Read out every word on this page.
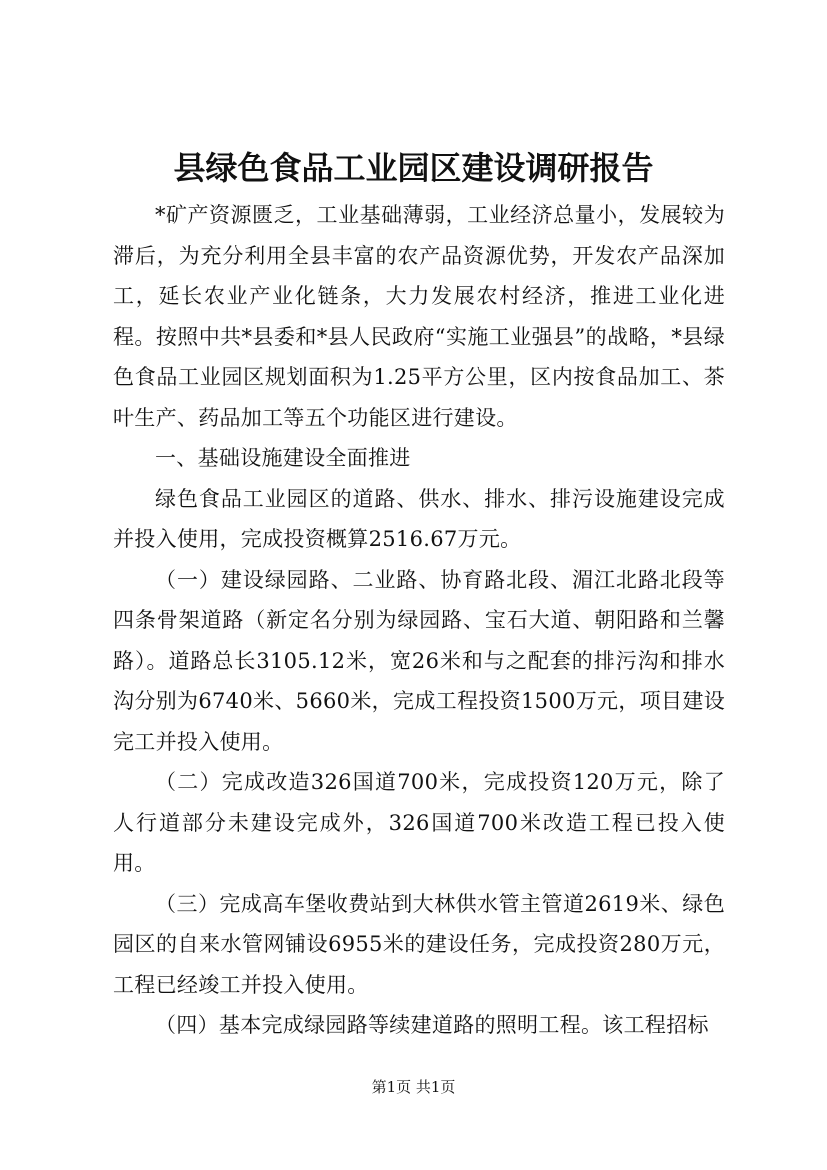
县绿色食品工业园区建设调研报告

*矿产资源匮乏，工业基础薄弱，工业经济总量小，发展较为滞后，为充分利用全县丰富的农产品资源优势，开发农产品深加工，延长农业产业化链条，大力发展农村经济，推进工业化进程。按照中共*县委和*县人民政府“实施工业强县”的战略，*县绿色食品工业园区规划面积为1.25平方公里，区内按食品加工、茶叶生产、药品加工等五个功能区进行建设。

一、基础设施建设全面推进

绿色食品工业园区的道路、供水、排水、排污设施建设完成并投入使用，完成投资概算2516.67万元。

（一）建设绿园路、二业路、协育路北段、湄江北路北段等四条骨架道路（新定名分别为绿园路、宝石大道、朝阳路和兰馨路）。道路总长3105.12米，宽26米和与之配套的排污沟和排水沟分别为6740米、5660米，完成工程投资1500万元，项目建设完工并投入使用。

（二）完成改造326国道700米，完成投资120万元，除了人行道部分未建设完成外，326国道700米改造工程已投入使用。

（三）完成高车堡收费站到大林供水管主管道2619米、绿色园区的自来水管网铺设6955米的建设任务，完成投资280万元，工程已经竣工并投入使用。

（四）基本完成绿园路等续建道路的照明工程。该工程招标

第1页 共1页
